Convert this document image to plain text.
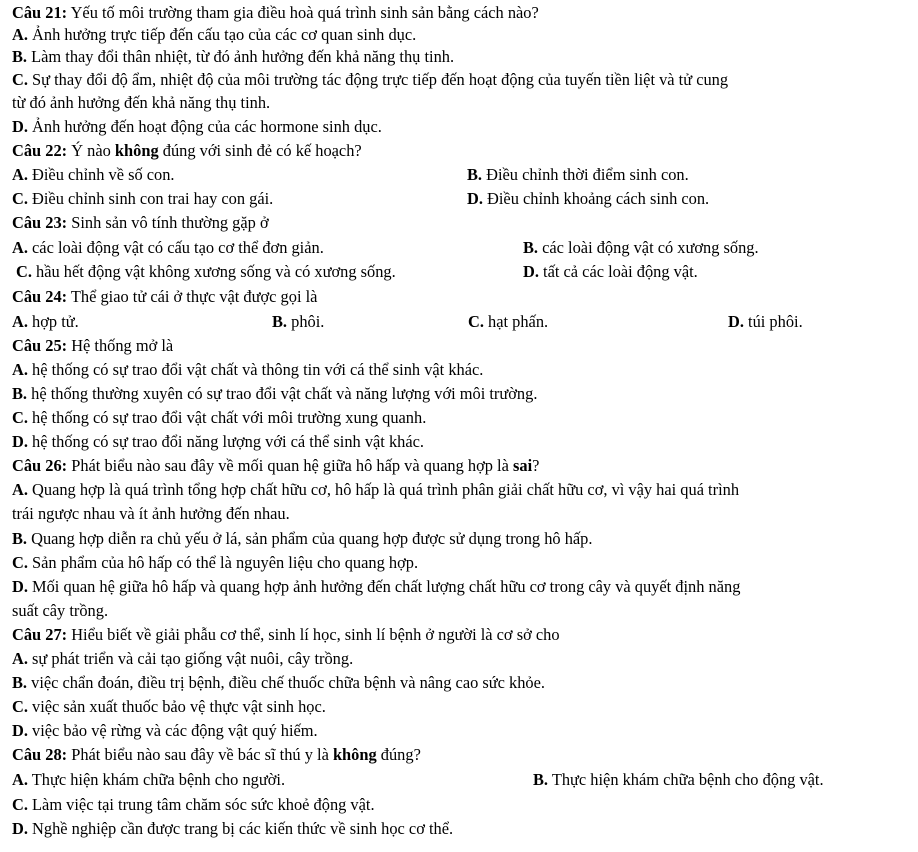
Câu 21: Yếu tố môi trường tham gia điều hoà quá trình sinh sản bằng cách nào?
A. Ảnh hưởng trực tiếp đến cấu tạo của các cơ quan sinh dục.
B. Làm thay đổi thân nhiệt, từ đó ảnh hưởng đến khả năng thụ tinh.
C. Sự thay đổi độ ẩm, nhiệt độ của môi trường tác động trực tiếp đến hoạt động của tuyến tiền liệt và tử cung
từ đó ảnh hưởng đến khả năng thụ tinh.
D. Ảnh hưởng đến hoạt động của các hormone sinh dục.
Câu 22: Ý nào không đúng với sinh đẻ có kế hoạch?
A. Điều chỉnh về số con.	B. Điều chỉnh thời điểm sinh con.
C. Điều chỉnh sinh con trai hay con gái.	D. Điều chỉnh khoảng cách sinh con.
Câu 23: Sinh sản vô tính thường gặp ở
A. các loài động vật có cấu tạo cơ thể đơn giản.	B. các loài động vật có xương sống.
C. hầu hết động vật không xương sống và có xương sống.	D. tất cả các loài động vật.
Câu 24: Thể giao tử cái ở thực vật được gọi là
A. hợp tử.	B. phôi.	C. hạt phấn.	D. túi phôi.
Câu 25: Hệ thống mở là
A. hệ thống có sự trao đổi vật chất và thông tin với cá thể sinh vật khác.
B. hệ thống thường xuyên có sự trao đổi vật chất và năng lượng với môi trường.
C. hệ thống có sự trao đổi vật chất với môi trường xung quanh.
D. hệ thống có sự trao đổi năng lượng với cá thể sinh vật khác.
Câu 26: Phát biểu nào sau đây về mối quan hệ giữa hô hấp và quang hợp là sai?
A. Quang hợp là quá trình tổng hợp chất hữu cơ, hô hấp là quá trình phân giải chất hữu cơ, vì vậy hai quá trình
trái ngược nhau và ít ảnh hưởng đến nhau.
B. Quang hợp diễn ra chủ yếu ở lá, sản phẩm của quang hợp được sử dụng trong hô hấp.
C. Sản phẩm của hô hấp có thể là nguyên liệu cho quang hợp.
D. Mối quan hệ giữa hô hấp và quang hợp ảnh hưởng đến chất lượng chất hữu cơ trong cây và quyết định năng
suất cây trồng.
Câu 27: Hiểu biết về giải phẫu cơ thể, sinh lí học, sinh lí bệnh ở người là cơ sở cho
A. sự phát triển và cải tạo giống vật nuôi, cây trồng.
B. việc chẩn đoán, điều trị bệnh, điều chế thuốc chữa bệnh và nâng cao sức khỏe.
C. việc sản xuất thuốc bảo vệ thực vật sinh học.
D. việc bảo vệ rừng và các động vật quý hiếm.
Câu 28: Phát biểu nào sau đây về bác sĩ thú y là không đúng?
A. Thực hiện khám chữa bệnh cho người.	B. Thực hiện khám chữa bệnh cho động vật.
C. Làm việc tại trung tâm chăm sóc sức khoẻ động vật.
D. Nghề nghiệp cần được trang bị các kiến thức về sinh học cơ thể.
